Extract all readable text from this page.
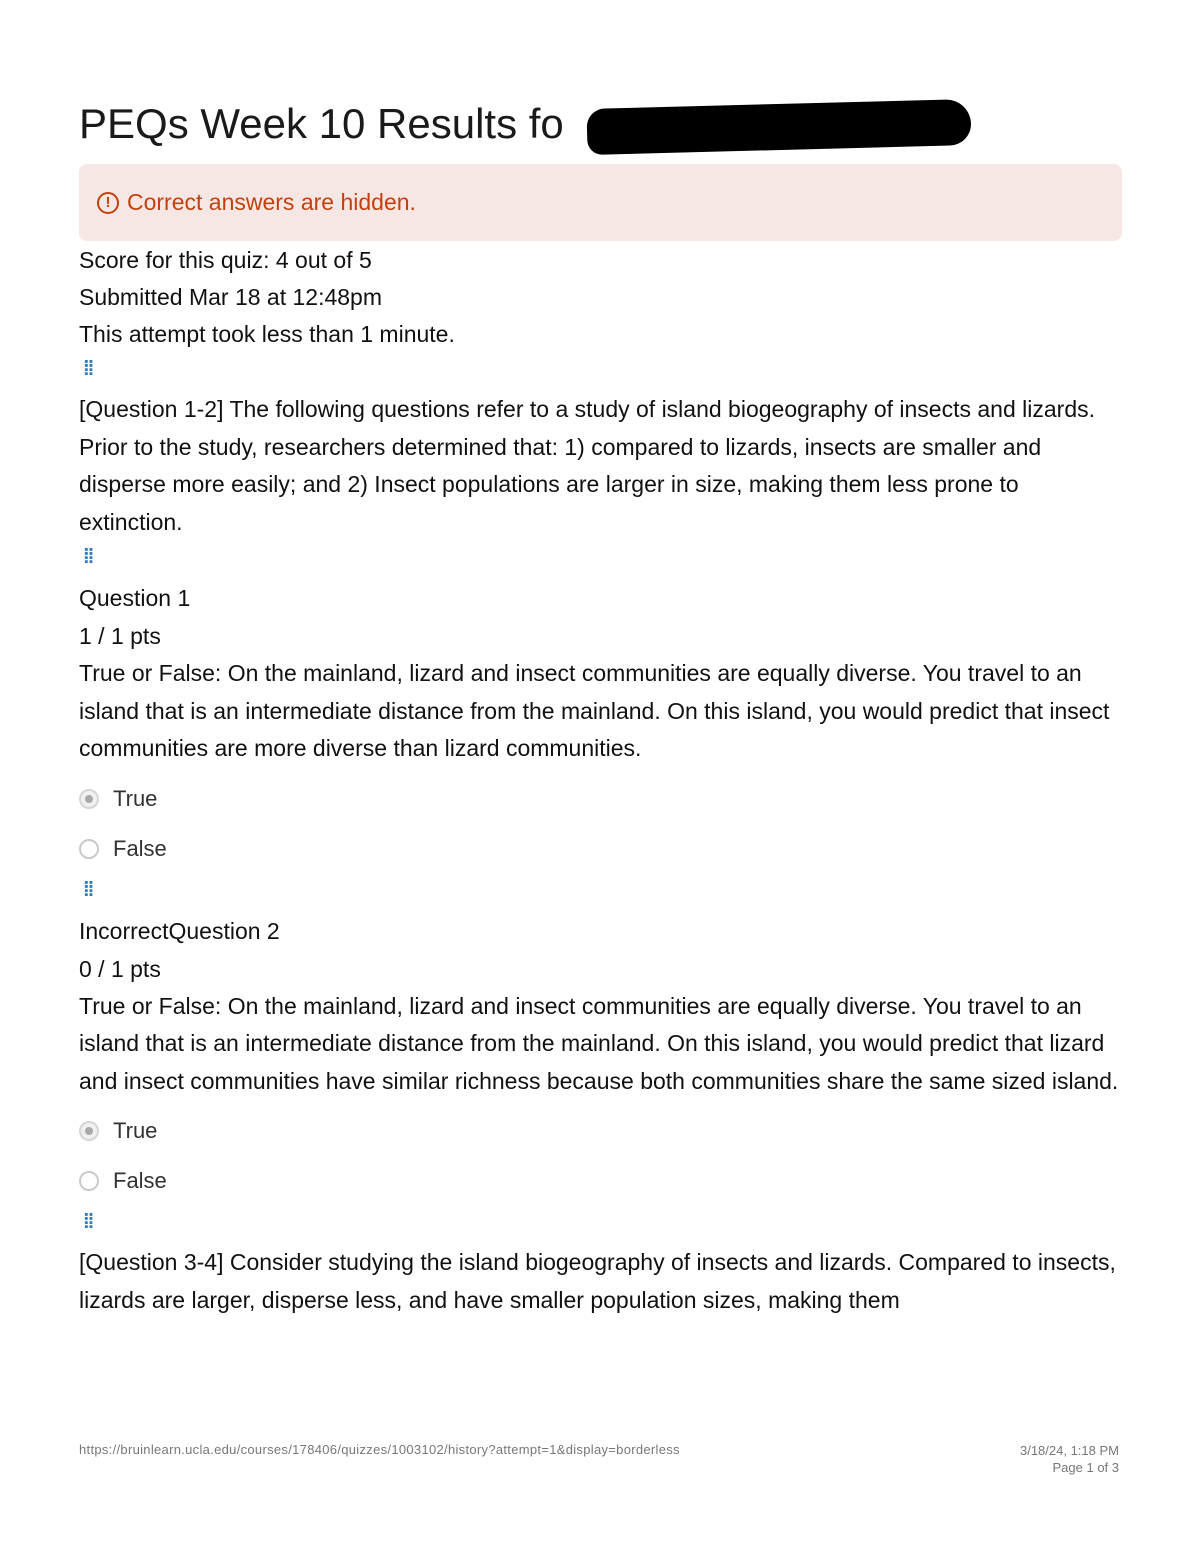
PEQs Week 10 Results fo
! Correct answers are hidden.
Score for this quiz: 4 out of 5
Submitted Mar 18 at 12:48pm
This attempt took less than 1 minute.
⁞⁞
[Question 1-2] The following questions refer to a study of island biogeography of insects and lizards. Prior to the study, researchers determined that: 1) compared to lizards, insects are smaller and disperse more easily; and 2) Insect populations are larger in size, making them less prone to extinction.
⁞⁞
Question 1
1 / 1 pts
True or False: On the mainland, lizard and insect communities are equally diverse. You travel to an island that is an intermediate distance from the mainland. On this island, you would predict that insect communities are more diverse than lizard communities.
True
False
⁞⁞
IncorrectQuestion 2
0 / 1 pts
True or False: On the mainland, lizard and insect communities are equally diverse. You travel to an island that is an intermediate distance from the mainland. On this island, you would predict that lizard and insect communities have similar richness because both communities share the same sized island.
True
False
⁞⁞
[Question 3-4] Consider studying the island biogeography of insects and lizards. Compared to insects, lizards are larger, disperse less, and have smaller population sizes, making them
https://bruinlearn.ucla.edu/courses/178406/quizzes/1003102/history?attempt=1&display=borderless	3/18/24, 1:18 PM
Page 1 of 3
